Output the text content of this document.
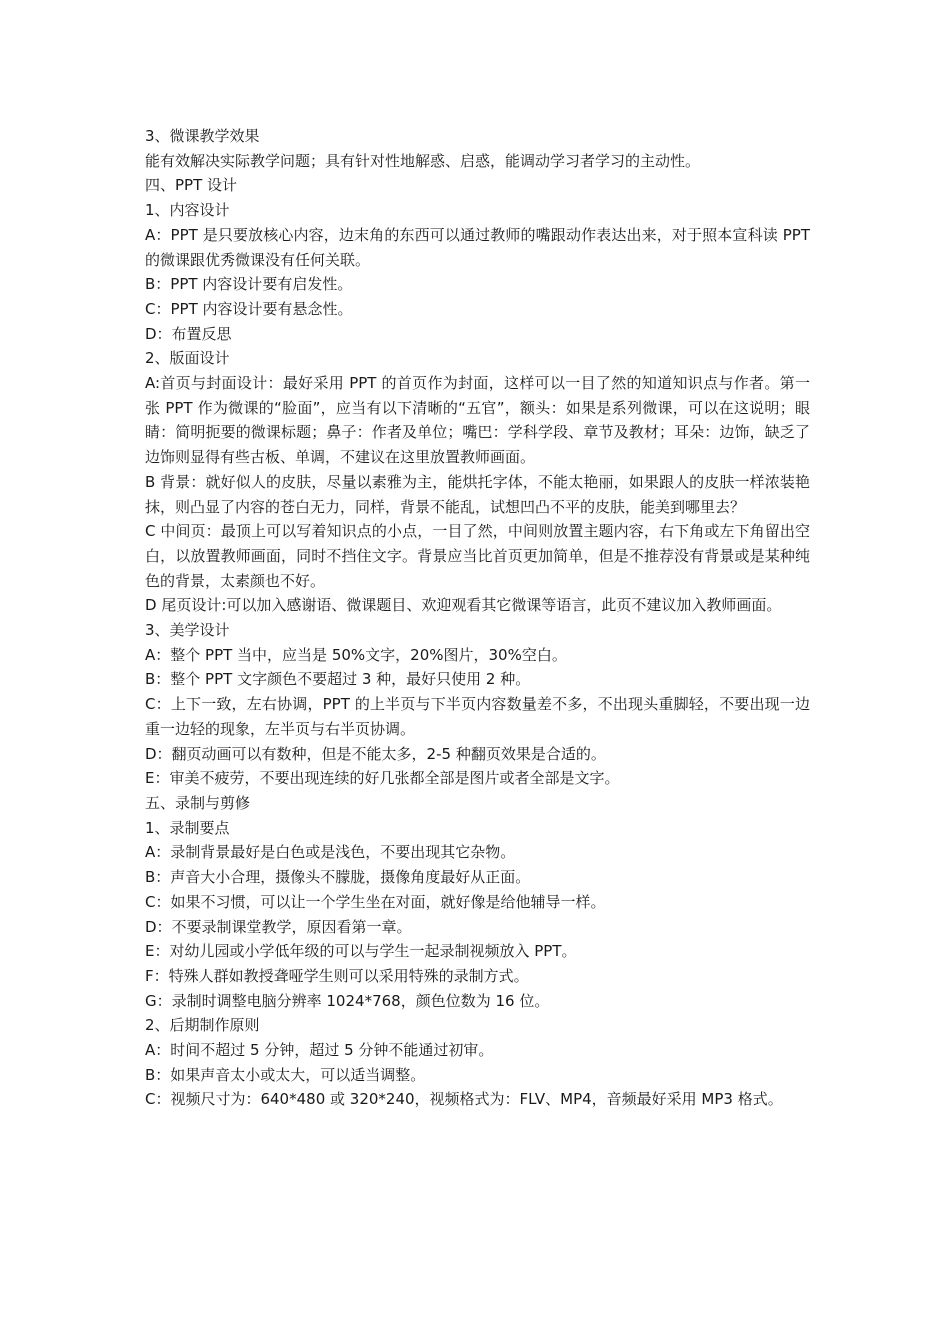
3、微课教学效果

能有效解决实际教学问题；具有针对性地解惑、启惑，能调动学习者学习的主动性。

四、PPT 设计

1、内容设计

A：PPT 是只要放核心内容，边末角的东西可以通过教师的嘴跟动作表达出来，对于照本宣科读 PPT 的微课跟优秀微课没有任何关联。

B：PPT 内容设计要有启发性。

C：PPT 内容设计要有悬念性。

D：布置反思

2、版面设计

A:首页与封面设计：最好采用 PPT 的首页作为封面，这样可以一目了然的知道知识点与作者。第一张 PPT 作为微课的“脸面”，应当有以下清晰的“五官”，额头：如果是系列微课，可以在这说明；眼睛：简明扼要的微课标题；鼻子：作者及单位；嘴巴：学科学段、章节及教材；耳朵：边饰，缺乏了边饰则显得有些古板、单调，不建议在这里放置教师画面。

B 背景：就好似人的皮肤，尽量以素雅为主，能烘托字体，不能太艳丽，如果跟人的皮肤一样浓装艳抹，则凸显了内容的苍白无力，同样，背景不能乱，试想凹凸不平的皮肤，能美到哪里去？

C 中间页：最顶上可以写着知识点的小点，一目了然，中间则放置主题内容，右下角或左下角留出空白，以放置教师画面，同时不挡住文字。背景应当比首页更加简单，但是不推荐没有背景或是某种纯色的背景，太素颜也不好。

D 尾页设计:可以加入感谢语、微课题目、欢迎观看其它微课等语言，此页不建议加入教师画面。

3、美学设计

A：整个 PPT 当中，应当是 50%文字，20%图片，30%空白。

B：整个 PPT 文字颜色不要超过 3 种，最好只使用 2 种。

C：上下一致，左右协调，PPT 的上半页与下半页内容数量差不多，不出现头重脚轻，不要出现一边重一边轻的现象，左半页与右半页协调。

D：翻页动画可以有数种，但是不能太多，2-5 种翻页效果是合适的。

E：审美不疲劳，不要出现连续的好几张都全部是图片或者全部是文字。

五、录制与剪修

1、录制要点

A：录制背景最好是白色或是浅色，不要出现其它杂物。

B：声音大小合理，摄像头不朦胧，摄像角度最好从正面。

C：如果不习惯，可以让一个学生坐在对面，就好像是给他辅导一样。

D：不要录制课堂教学，原因看第一章。

E：对幼儿园或小学低年级的可以与学生一起录制视频放入 PPT。

F：特殊人群如教授聋哑学生则可以采用特殊的录制方式。

G：录制时调整电脑分辨率 1024*768，颜色位数为 16 位。

2、后期制作原则

A：时间不超过 5 分钟，超过 5 分钟不能通过初审。

B：如果声音太小或太大，可以适当调整。

C：视频尺寸为：640*480 或 320*240，视频格式为：FLV、MP4，音频最好采用 MP3 格式。
